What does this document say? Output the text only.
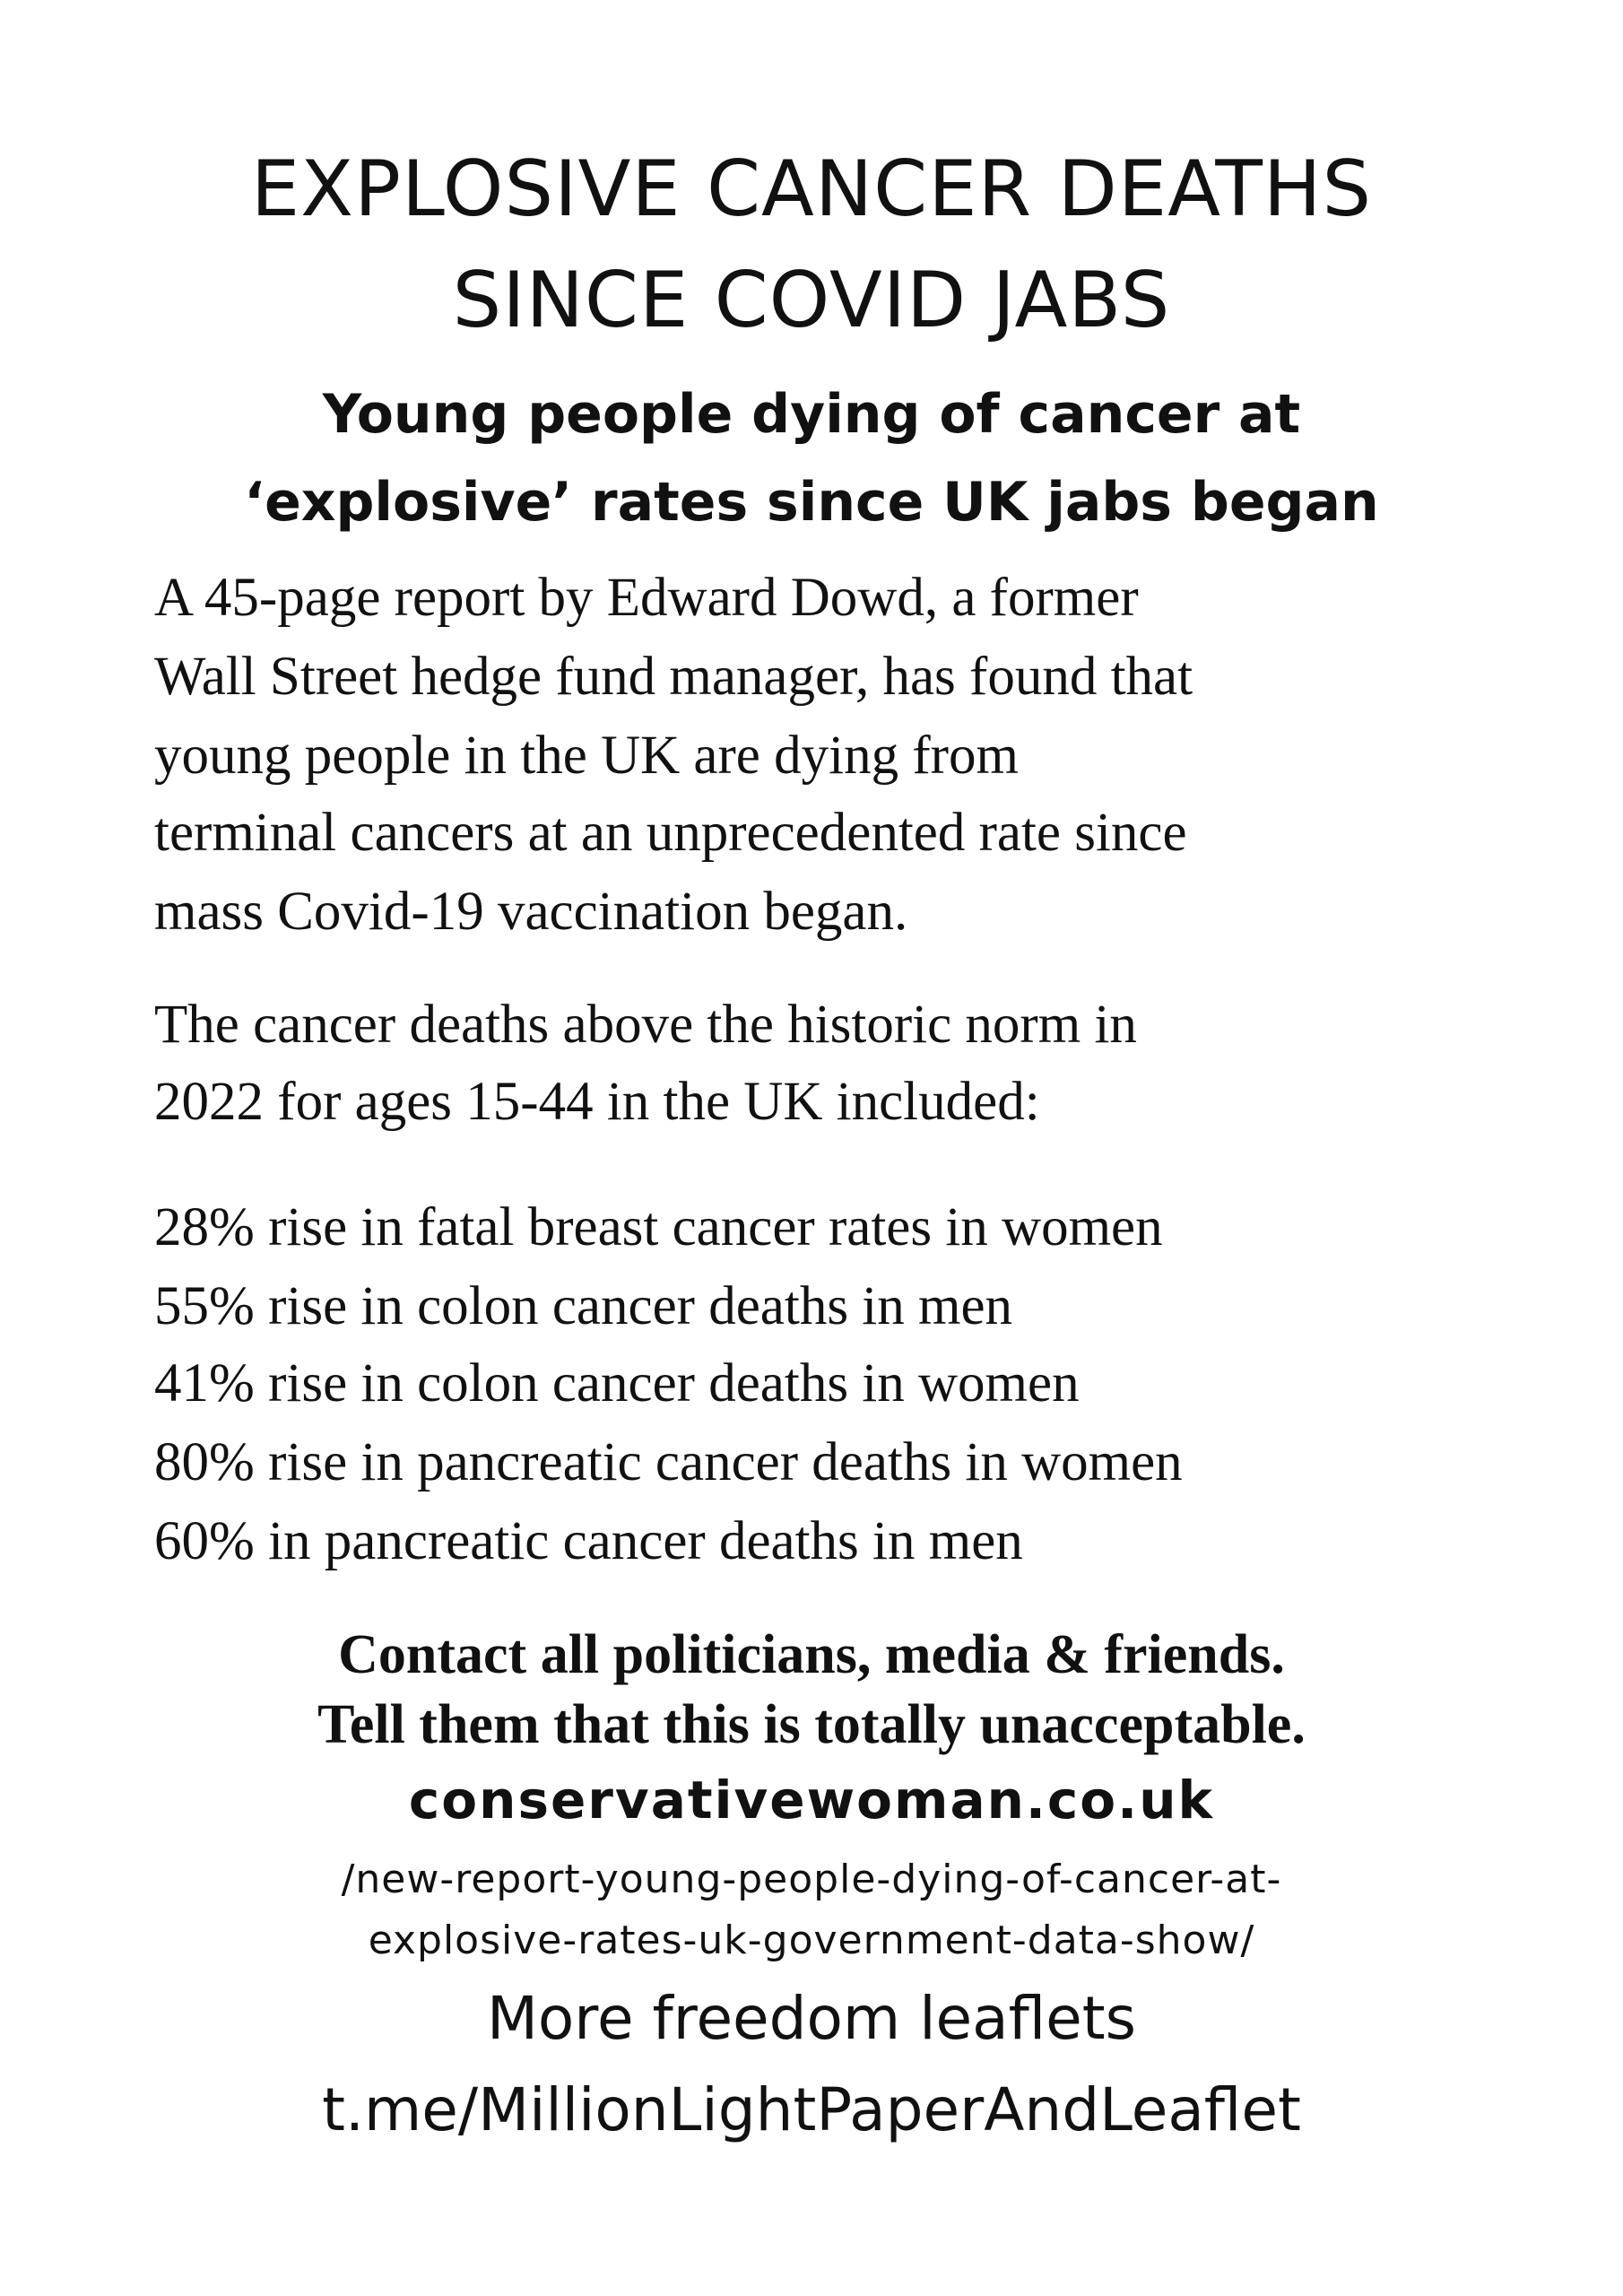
EXPLOSIVE CANCER DEATHS
SINCE COVID JABS
Young people dying of cancer at
‘explosive’ rates since UK jabs began
A 45-page report by Edward Dowd, a former
Wall Street hedge fund manager, has found that
young people in the UK are dying from
terminal cancers at an unprecedented rate since
mass Covid-19 vaccination began.
The cancer deaths above the historic norm in
2022 for ages 15-44 in the UK included:
28% rise in fatal breast cancer rates in women
55% rise in colon cancer deaths in men
41% rise in colon cancer deaths in women
80% rise in pancreatic cancer deaths in women
60% in pancreatic cancer deaths in men
Contact all politicians, media & friends.
Tell them that this is totally unacceptable.
conservativewoman.co.uk
/new-report-young-people-dying-of-cancer-at-
explosive-rates-uk-government-data-show/
More freedom leaflets
t.me/MillionLightPaperAndLeaflet
